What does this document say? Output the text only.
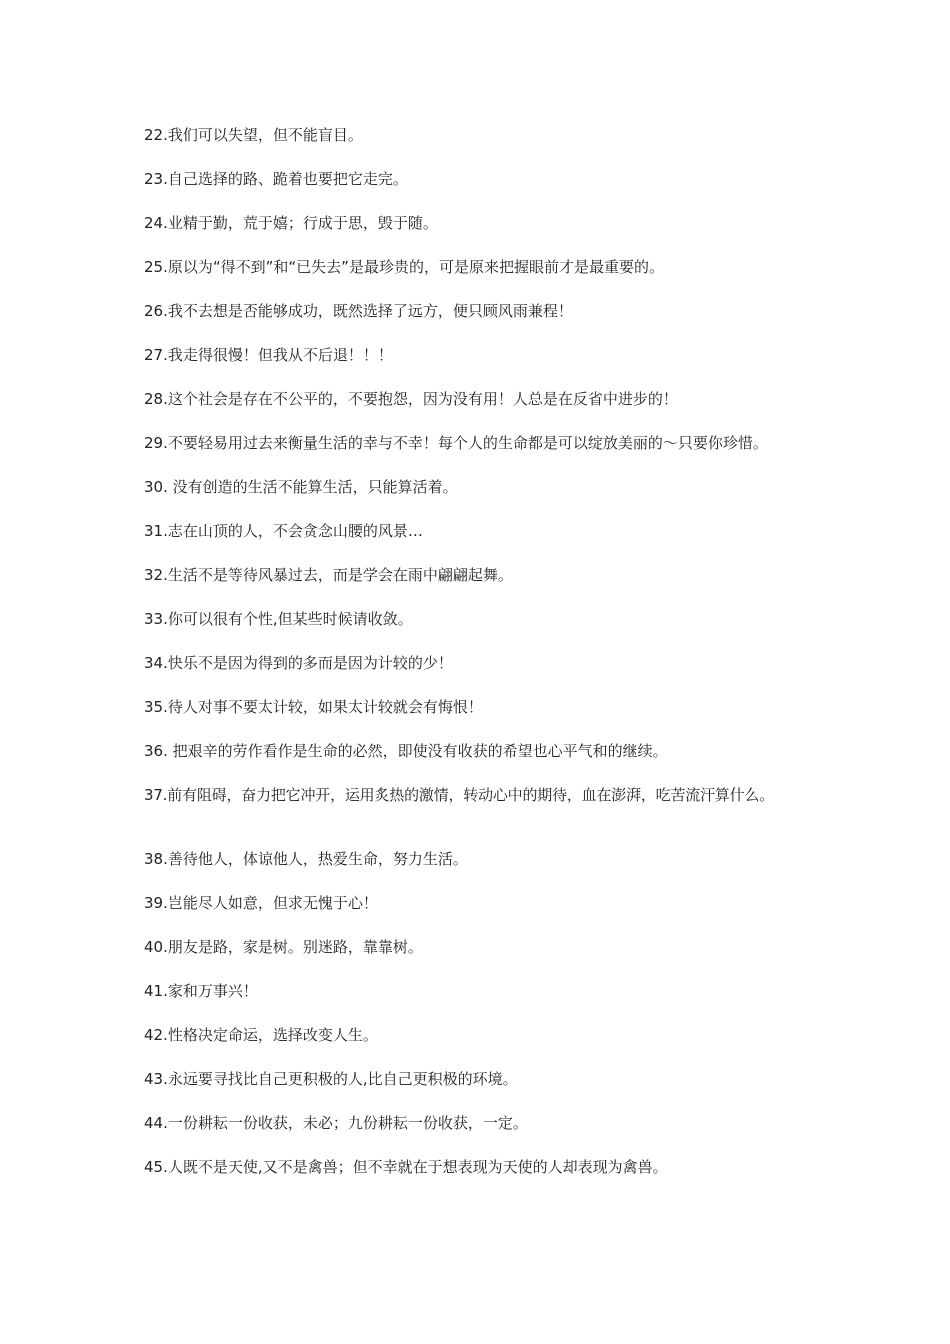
22.我们可以失望，但不能盲目。
23.自己选择的路、跪着也要把它走完。
24.业精于勤，荒于嬉；行成于思，毁于随。
25.原以为“得不到”和“已失去”是最珍贵的，可是原来把握眼前才是最重要的。
26.我不去想是否能够成功，既然选择了远方，便只顾风雨兼程！
27.我走得很慢！但我从不后退！！！
28.这个社会是存在不公平的，不要抱怨，因为没有用！人总是在反省中进步的！
29.不要轻易用过去来衡量生活的幸与不幸！每个人的生命都是可以绽放美丽的～只要你珍惜。
30. 没有创造的生活不能算生活，只能算活着。
31.志在山顶的人，不会贪念山腰的风景…
32.生活不是等待风暴过去，而是学会在雨中翩翩起舞。
33.你可以很有个性,但某些时候请收敛。
34.快乐不是因为得到的多而是因为计较的少！
35.待人对事不要太计较，如果太计较就会有悔恨！
36. 把艰辛的劳作看作是生命的必然，即使没有收获的希望也心平气和的继续。
37.前有阻碍，奋力把它冲开，运用炙热的激情，转动心中的期待，血在澎湃，吃苦流汗算什么。
38.善待他人，体谅他人，热爱生命，努力生活。
39.岂能尽人如意，但求无愧于心！
40.朋友是路，家是树。别迷路，靠靠树。
41.家和万事兴！
42.性格决定命运，选择改变人生。
43.永远要寻找比自己更积极的人,比自己更积极的环境。
44.一份耕耘一份收获，未必；九份耕耘一份收获，一定。
45.人既不是天使,又不是禽兽；但不幸就在于想表现为天使的人却表现为禽兽。
